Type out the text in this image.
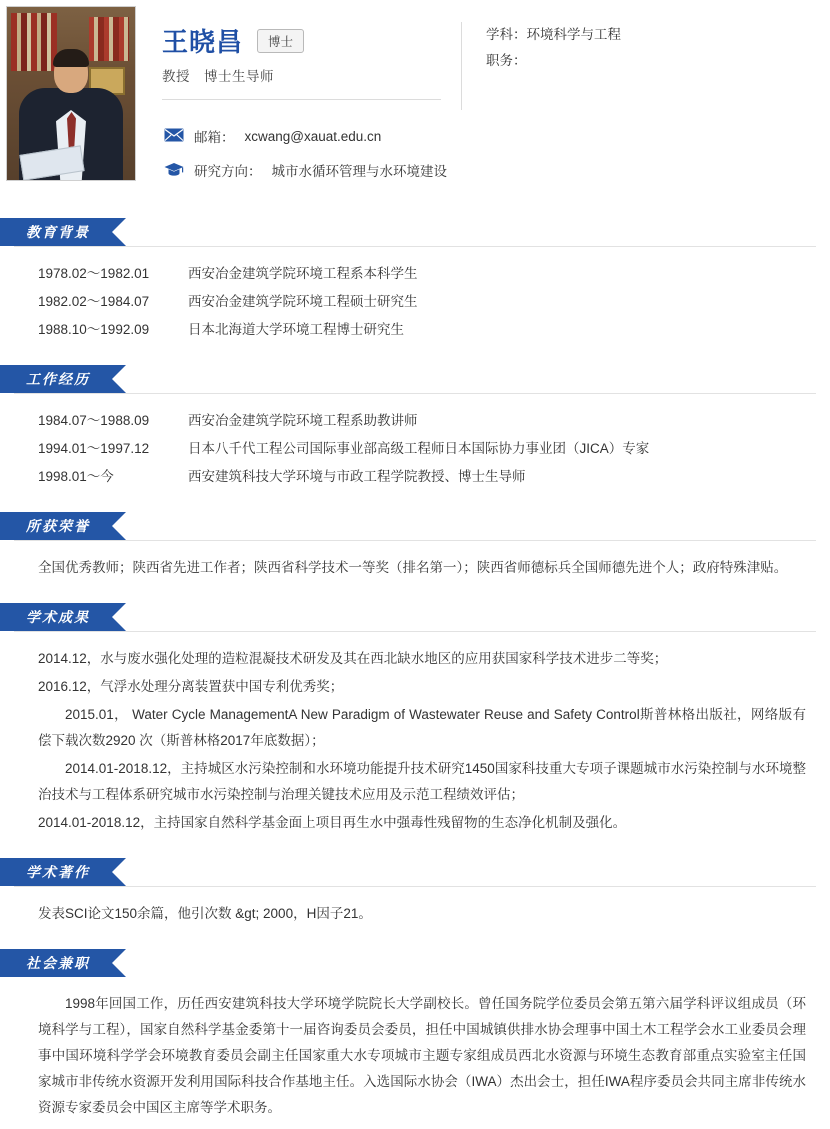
王晓昌	博士
教授　博士生导师
学科：环境科学与工程
职务：
邮箱： xcwang@xauat.edu.cn
研究方向： 城市水循环管理与水环境建设
教育背景
1978.02～1982.01	西安冶金建筑学院环境工程系本科学生
1982.02～1984.07	西安冶金建筑学院环境工程硕士研究生
1988.10～1992.09	日本北海道大学环境工程博士研究生
工作经历
1984.07～1988.09	西安冶金建筑学院环境工程系助教讲师
1994.01～1997.12	日本八千代工程公司国际事业部高级工程师日本国际协力事业团（JICA）专家
1998.01～今	西安建筑科技大学环境与市政工程学院教授、博士生导师
所获荣誉

全国优秀教师；陕西省先进工作者；陕西省科学技术一等奖（排名第一）；陕西省师德标兵全国师德先进个人；政府特殊津贴。

学术成果

2014.12，水与废水强化处理的造粒混凝技术研发及其在西北缺水地区的应用获国家科学技术进步二等奖；

2016.12，气浮水处理分离装置获中国专利优秀奖；

2015.01， Water Cycle ManagementA New Paradigm of Wastewater Reuse and Safety Control斯普林格出版社，网络版有偿下载次数2920 次（斯普林格2017年底数据）；

2014.01-2018.12，主持城区水污染控制和水环境功能提升技术研究1450国家科技重大专项子课题城市水污染控制与水环境整治技术与工程体系研究城市水污染控制与治理关键技术应用及示范工程绩效评估；

2014.01-2018.12，主持国家自然科学基金面上项目再生水中强毒性残留物的生态净化机制及强化。

学术著作

发表SCI论文150余篇，他引次数 &gt; 2000，H因子21。

社会兼职

1998年回国工作，历任西安建筑科技大学环境学院院长大学副校长。曾任国务院学位委员会第五第六届学科评议组成员（环境科学与工程），国家自然科学基金委第十一届咨询委员会委员，担任中国城镇供排水协会理事中国土木工程学会水工业委员会理事中国环境科学学会环境教育委员会副主任国家重大水专项城市主题专家组成员西北水资源与环境生态教育部重点实验室主任国家城市非传统水资源开发利用国际科技合作基地主任。入选国际水协会（IWA）杰出会士，担任IWA程序委员会共同主席非传统水资源专家委员会中国区主席等学术职务。
